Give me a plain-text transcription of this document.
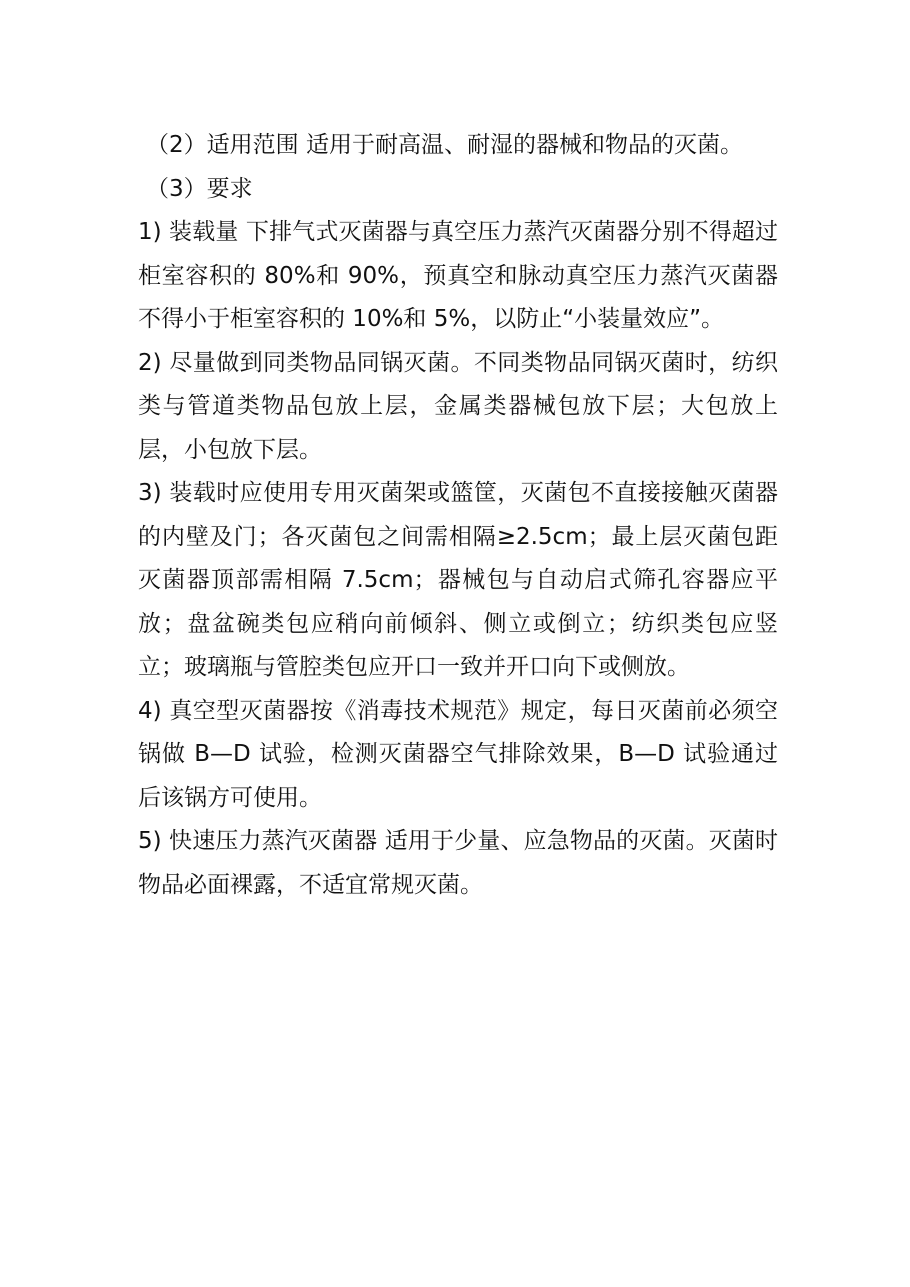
（2）适用范围 适用于耐高温、耐湿的器械和物品的灭菌。

（3）要求

1) 装载量 下排气式灭菌器与真空压力蒸汽灭菌器分别不得超过柜室容积的 80%和 90%，预真空和脉动真空压力蒸汽灭菌器不得小于柜室容积的 10%和 5%，以防止“小装量效应”。

2) 尽量做到同类物品同锅灭菌。不同类物品同锅灭菌时，纺织类与管道类物品包放上层，金属类器械包放下层；大包放上层，小包放下层。

3) 装载时应使用专用灭菌架或篮筐，灭菌包不直接接触灭菌器的内壁及门；各灭菌包之间需相隔≥2.5cm；最上层灭菌包距灭菌器顶部需相隔 7.5cm；器械包与自动启式筛孔容器应平放；盘盆碗类包应稍向前倾斜、侧立或倒立；纺织类包应竖立；玻璃瓶与管腔类包应开口一致并开口向下或侧放。

4) 真空型灭菌器按《消毒技术规范》规定，每日灭菌前必须空锅做 B—D 试验，检测灭菌器空气排除效果，B—D 试验通过后该锅方可使用。

5) 快速压力蒸汽灭菌器 适用于少量、应急物品的灭菌。灭菌时物品必面裸露，不适宜常规灭菌。
